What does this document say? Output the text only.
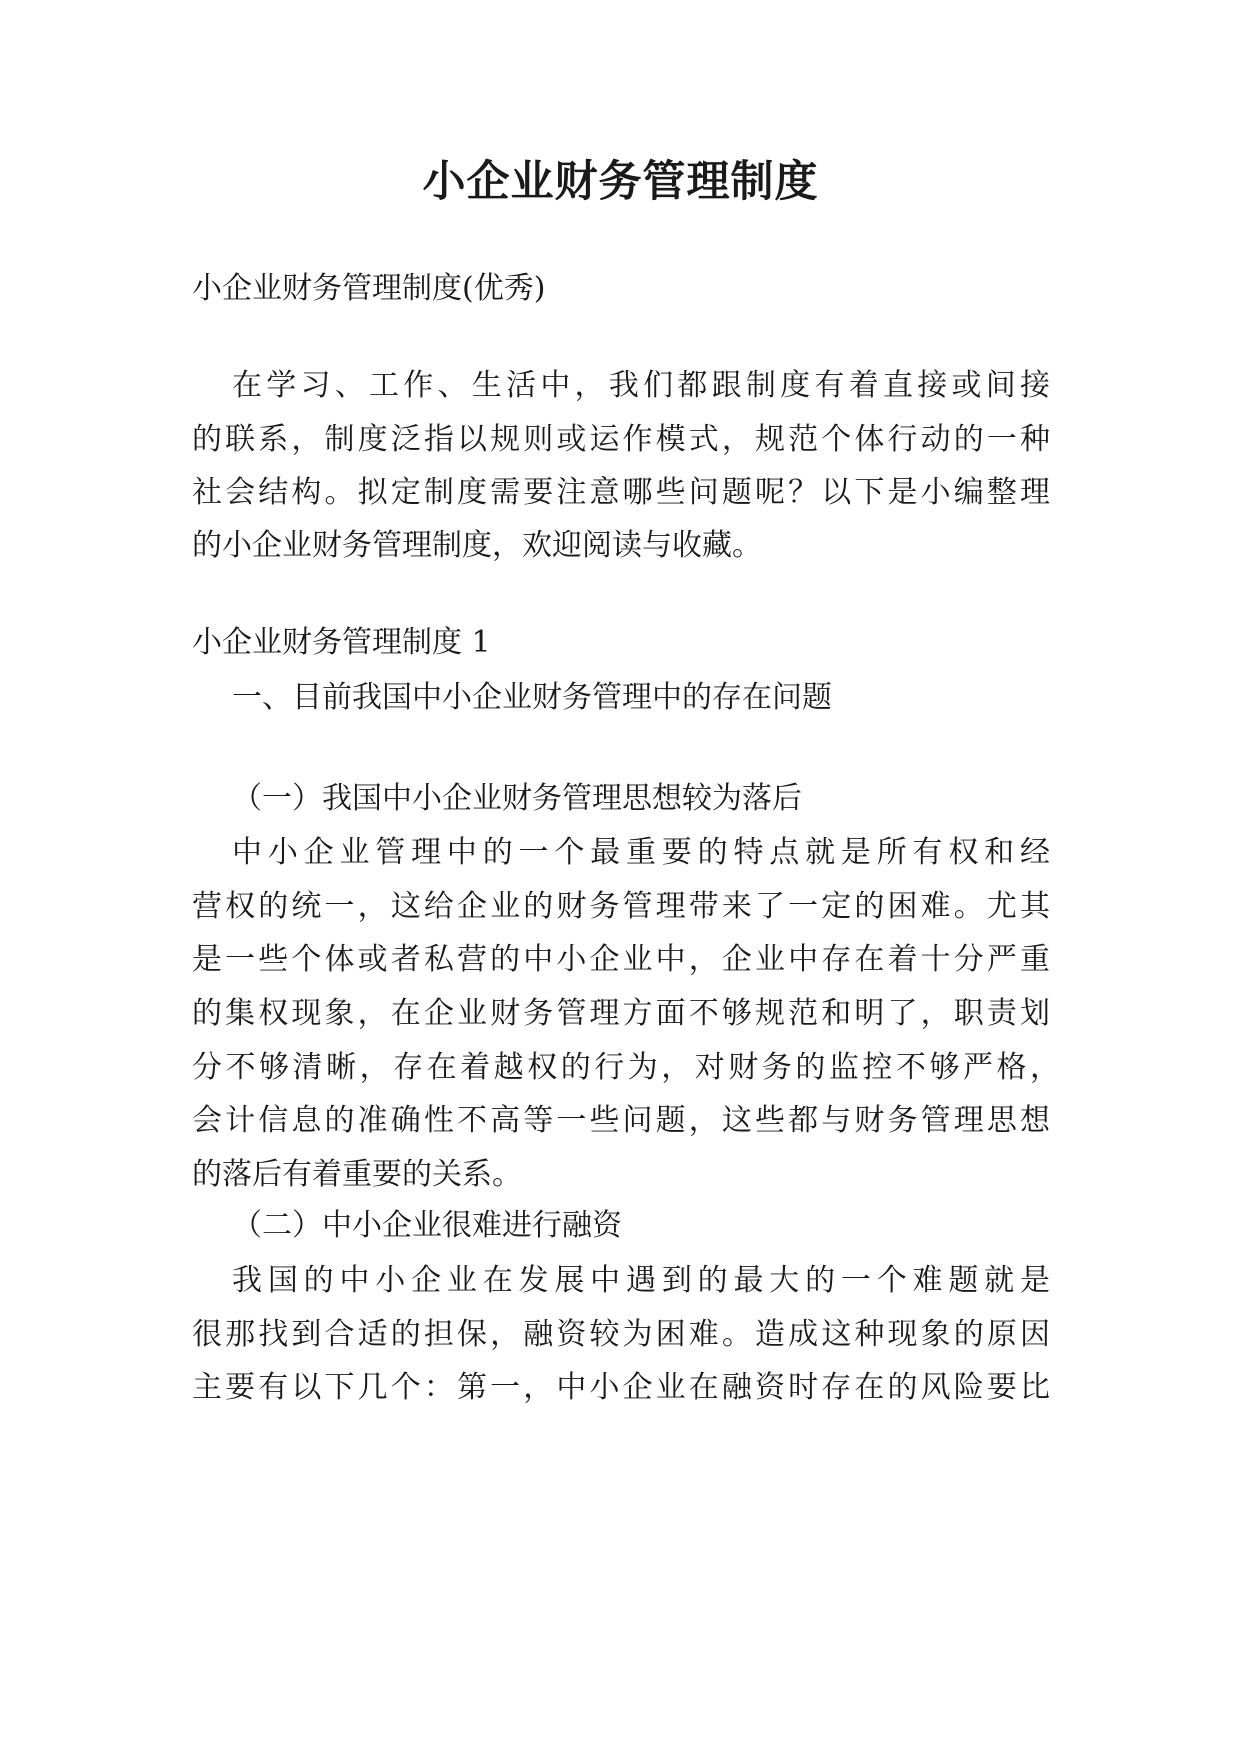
小企业财务管理制度
小企业财务管理制度(优秀)
在学习、工作、生活中，我们都跟制度有着直接或间接
的联系，制度泛指以规则或运作模式，规范个体行动的一种
社会结构。拟定制度需要注意哪些问题呢？以下是小编整理
的小企业财务管理制度，欢迎阅读与收藏。
小企业财务管理制度 1
一、目前我国中小企业财务管理中的存在问题
（一）我国中小企业财务管理思想较为落后
中小企业管理中的一个最重要的特点就是所有权和经
营权的统一，这给企业的财务管理带来了一定的困难。尤其
是一些个体或者私营的中小企业中，企业中存在着十分严重
的集权现象，在企业财务管理方面不够规范和明了，职责划
分不够清晰，存在着越权的行为，对财务的监控不够严格，
会计信息的准确性不高等一些问题，这些都与财务管理思想
的落后有着重要的关系。
（二）中小企业很难进行融资
我国的中小企业在发展中遇到的最大的一个难题就是
很那找到合适的担保，融资较为困难。造成这种现象的原因
主要有以下几个：第一，中小企业在融资时存在的风险要比
